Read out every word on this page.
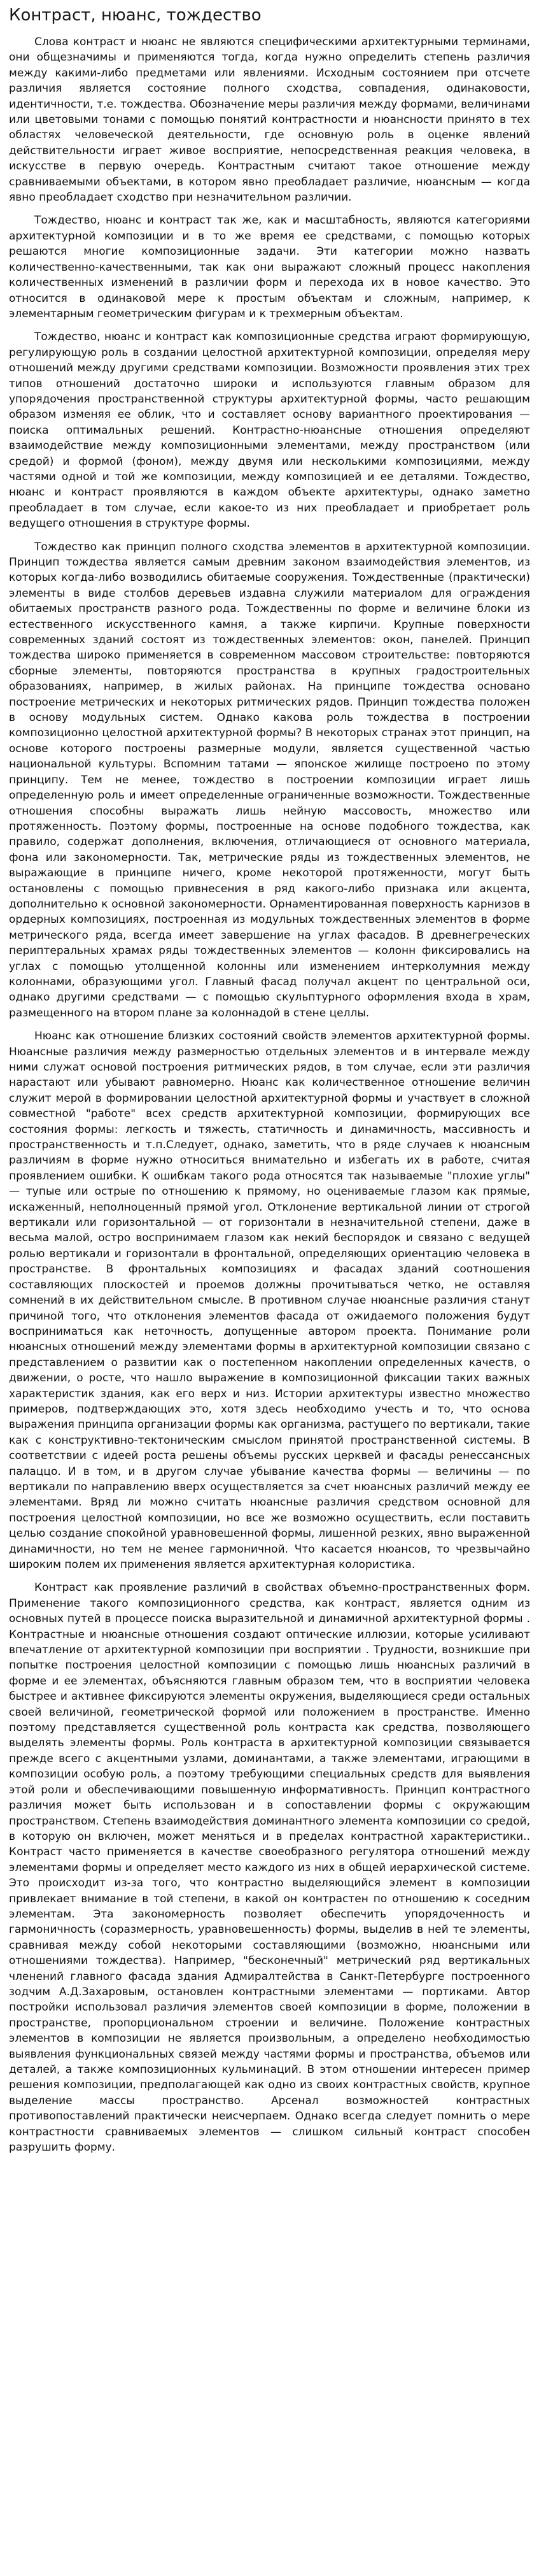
Контраст, нюанс, тождество

Слова контраст и нюанс не являются специфическими архитектурными терминами, они общезначимы и применяются тогда, когда нужно определить степень различия между какими-либо предметами или явлениями. Исходным состоянием при отсчете различия является состояние полного сходства, совпадения, одинаковости, идентичности, т.е. тождества. Обозначение меры различия между формами, величинами или цветовыми тонами с помощью понятий контрастности и нюансности принято в тех областях человеческой деятельности, где основную роль в оценке явлений действительности играет живое восприятие, непосредственная реакция человека, в искусстве в первую очередь. Контрастным считают такое отношение между сравниваемыми объектами, в котором явно преобладает различие, нюансным — когда явно преобладает сходство при незначительном различии.

Тождество, нюанс и контраст так же, как и масштабность, являются категориями архитектурной композиции и в то же время ее средствами, с помощью которых решаются многие композиционные задачи. Эти категории можно назвать количественно-качественными, так как они выражают сложный процесс накопления количественных изменений в различии форм и перехода их в новое качество. Это относится в одинаковой мере к простым объектам и сложным, например, к элементарным геометрическим фигурам и к трехмерным объектам.

Тождество, нюанс и контраст как композиционные средства играют формирующую, регулирующую роль в создании целостной архитектурной композиции, определяя меру отношений между другими средствами композиции. Возможности проявления этих трех типов отношений достаточно широки и используются главным образом для упорядочения пространственной структуры архитектурной формы, часто решающим образом изменяя ее облик, что и составляет основу вариантного проектирования — поиска оптимальных решений. Контрастно-нюансные отношения определяют взаимодействие между композиционными элементами, между пространством (или средой) и формой (фоном), между двумя или несколькими композициями, между частями одной и той же композиции, между композицией и ее деталями. Тождество, нюанс и контраст проявляются в каждом объекте архитектуры, однако заметно преобладает в том случае, если какое-то из них преобладает и приобретает роль ведущего отношения в структуре формы.

Тождество как принцип полного сходства элементов в архитектурной композиции. Принцип тождества является самым древним законом взаимодействия элементов, из которых когда-либо возводились обитаемые сооружения. Тождественные (практически) элементы в виде столбов деревьев издавна служили материалом для ограждения обитаемых пространств разного рода. Тождественны по форме и величине блоки из естественного искусственного камня, а также кирпичи. Крупные поверхности современных зданий состоят из тождественных элементов: окон, панелей. Принцип тождества широко применяется в современном массовом строительстве: повторяются сборные элементы, повторяются пространства в крупных градостроительных образованиях, например, в жилых районах. На принципе тождества основано построение метрических и некоторых ритмических рядов. Принцип тождества положен в основу модульных систем. Однако какова роль тождества в построении композиционно целостной архитектурной формы? В некоторых странах этот принцип, на основе которого построены размерные модули, является существенной частью национальной культуры. Вспомним татами — японское жилище построено по этому принципу. Тем не менее, тождество в построении композиции играет лишь определенную роль и имеет определенные ограниченные возможности. Тождественные отношения способны выражать лишь нейную массовость, множество или протяженность. Поэтому формы, построенные на основе подобного тождества, как правило, содержат дополнения, включения, отличающиеся от основного материала, фона или закономерности. Так, метрические ряды из тождественных элементов, не выражающие в принципе ничего, кроме некоторой протяженности, могут быть остановлены с помощью привнесения в ряд какого-либо признака или акцента, дополнительно к основной закономерности. Орнаментированная поверхность карнизов в ордерных композициях, построенная из модульных тождественных элементов в форме метрического ряда, всегда имеет завершение на углах фасадов. В древнегреческих периптеральных храмах ряды тождественных элементов — колонн фиксировались на углах с помощью утолщенной колонны или изменением интерколумния между колоннами, образующими угол. Главный фасад получал акцент по центральной оси, однако другими средствами — с помощью скульптурного оформления входа в храм, размещенного на втором плане за колоннадой в стене целлы.

Нюанс как отношение близких состояний свойств элементов архитектурной формы. Нюансные различия между размерностью отдельных элементов и в интервале между ними служат основой построения ритмических рядов, в том случае, если эти различия нарастают или убывают равномерно. Нюанс как количественное отношение величин служит мерой в формировании целостной архитектурной формы и участвует в сложной совместной "работе" всех средств архитектурной композиции, формирующих все состояния формы: легкость и тяжесть, статичность и динамичность, массивность и пространственность и т.п.Следует, однако, заметить, что в ряде случаев к нюансным различиям в форме нужно относиться внимательно и избегать их в работе, считая проявлением ошибки. К ошибкам такого рода относятся так называемые "плохие углы" — тупые или острые по отношению к прямому, но оцениваемые глазом как прямые, искаженный, неполноценный прямой угол. Отклонение вертикальной линии от строгой вертикали или горизонтальной — от горизонтали в незначительной степени, даже в весьма малой, остро воспринимаем глазом как некий беспорядок и связано с ведущей ролью вертикали и горизонтали в фронтальной, определяющих ориентацию человека в пространстве. В фронтальных композициях и фасадах зданий соотношения составляющих плоскостей и проемов должны прочитываться четко, не оставляя сомнений в их действительном смысле. В противном случае нюансные различия станут причиной того, что отклонения элементов фасада от ожидаемого положения будут восприниматься как неточность, допущенные автором проекта. Понимание роли нюансных отношений между элементами формы в архитектурной композиции связано с представлением о развитии как о постепенном накоплении определенных качеств, о движении, о росте, что нашло выражение в композиционной фиксации таких важных характеристик здания, как его верх и низ. Истории архитектуры известно множество примеров, подтверждающих это, хотя здесь необходимо учесть и то, что основа выражения принципа организации формы как организма, растущего по вертикали, такие как с конструктивно-тектоническим смыслом принятой пространственной системы. В соответствии с идеей роста решены объемы русских церквей и фасады ренессансных палаццо. И в том, и в другом случае убывание качества формы — величины — по вертикали по направлению вверх осуществляется за счет нюансных различий между ее элементами. Вряд ли можно считать нюансные различия средством основной для построения целостной композиции, но все же возможно осуществить, если поставить целью создание спокойной уравновешенной формы, лишенной резких, явно выраженной динамичности, но тем не менее гармоничной. Что касается нюансов, то чрезвычайно широким полем их применения является архитектурная колористика.

Контраст как проявление различий в свойствах объемно-пространственных форм. Применение такого композиционного средства, как контраст, является одним из основных путей в процессе поиска выразительной и динамичной архитектурной формы . Контрастные и нюансные отношения создают оптические иллюзии, которые усиливают впечатление от архитектурной композиции при восприятии . Трудности, возникшие при попытке построения целостной композиции с помощью лишь нюансных различий в форме и ее элементах, объясняются главным образом тем, что в восприятии человека быстрее и активнее фиксируются элементы окружения, выделяющиеся среди остальных своей величиной, геометрической формой или положением в пространстве. Именно поэтому представляется существенной роль контраста как средства, позволяющего выделять элементы формы. Роль контраста в архитектурной композиции связывается прежде всего с акцентными узлами, доминантами, а также элементами, играющими в композиции особую роль, а поэтому требующими специальных средств для выявления этой роли и обеспечивающими повышенную информативность. Принцип контрастного различия может быть использован и в сопоставлении формы с окружающим пространством. Степень взаимодействия доминантного элемента композиции со средой, в которую он включен, может меняться и в пределах контрастной характеристики.. Контраст часто применяется в качестве своеобразного регулятора отношений между элементами формы и определяет место каждого из них в общей иерархической системе. Это происходит из-за того, что контрастно выделяющийся элемент в композиции привлекает внимание в той степени, в какой он контрастен по отношению к соседним элементам. Эта закономерность позволяет обеспечить упорядоченность и гармоничность (соразмерность, уравновешенность) формы, выделив в ней те элементы, сравнивая между собой некоторыми составляющими (возможно, нюансными или отношениями тождества). Например, "бесконечный" метрический ряд вертикальных членений главного фасада здания Адмиралтейства в Санкт-Петербурге построенного зодчим А.Д.Захаровым, остановлен контрастными элементами — портиками. Автор постройки использовал различия элементов своей композиции в форме, положении в пространстве, пропорциональном строении и величине. Положение контрастных элементов в композиции не является произвольным, а определено необходимостью выявления функциональных связей между частями формы и пространства, объемов или деталей, а также композиционных кульминаций. В этом отношении интересен пример решения композиции, предполагающей как одно из своих контрастных свойств, крупное выделение массы пространство. Арсенал возможностей контрастных противопоставлений практически неисчерпаем. Однако всегда следует помнить о мере контрастности сравниваемых элементов — слишком сильный контраст способен разрушить форму.
